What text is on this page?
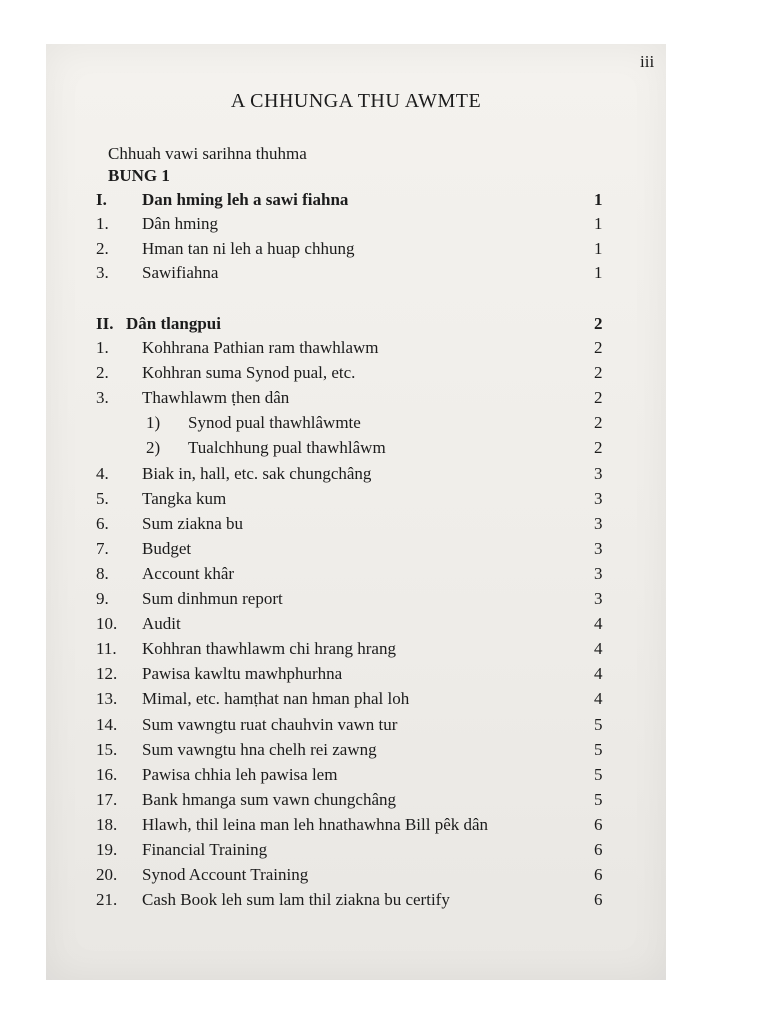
iii
A CHHUNGA THU AWMTE
Chhuah vawi sarihna thuhma
BUNG 1
I. Dan hming leh a sawi fiahna	1
1. Dân hming	1
2. Hman tan ni leh a huap chhung	1
3. Sawifiahna	1
II. Dân tlangpui	2
1. Kohhrana Pathian ram thawhlawm	2
2. Kohhran suma Synod pual, etc.	2
3. Thawhlawm ṭhen dân	2
1) Synod pual thawhlâwmte	2
2) Tualchhung pual thawhlâwm	2
4. Biak in, hall, etc. sak chungchâng	3
5. Tangka kum	3
6. Sum ziakna bu	3
7. Budget	3
8. Account khâr	3
9. Sum dinhmun report	3
10. Audit	4
11. Kohhran thawhlawm chi hrang hrang	4
12. Pawisa kawltu mawhphurhna	4
13. Mimal, etc. hamṭhat nan hman phal loh	4
14. Sum vawngtu ruat chauhvin vawn tur	5
15. Sum vawngtu hna chelh rei zawng	5
16. Pawisa chhia leh pawisa lem	5
17. Bank hmanga sum vawn chungchâng	5
18. Hlawh, thil leina man leh hnathawhna Bill pêk dân	6
19. Financial Training	6
20. Synod Account Training	6
21. Cash Book leh sum lam thil ziakna bu certify	6
